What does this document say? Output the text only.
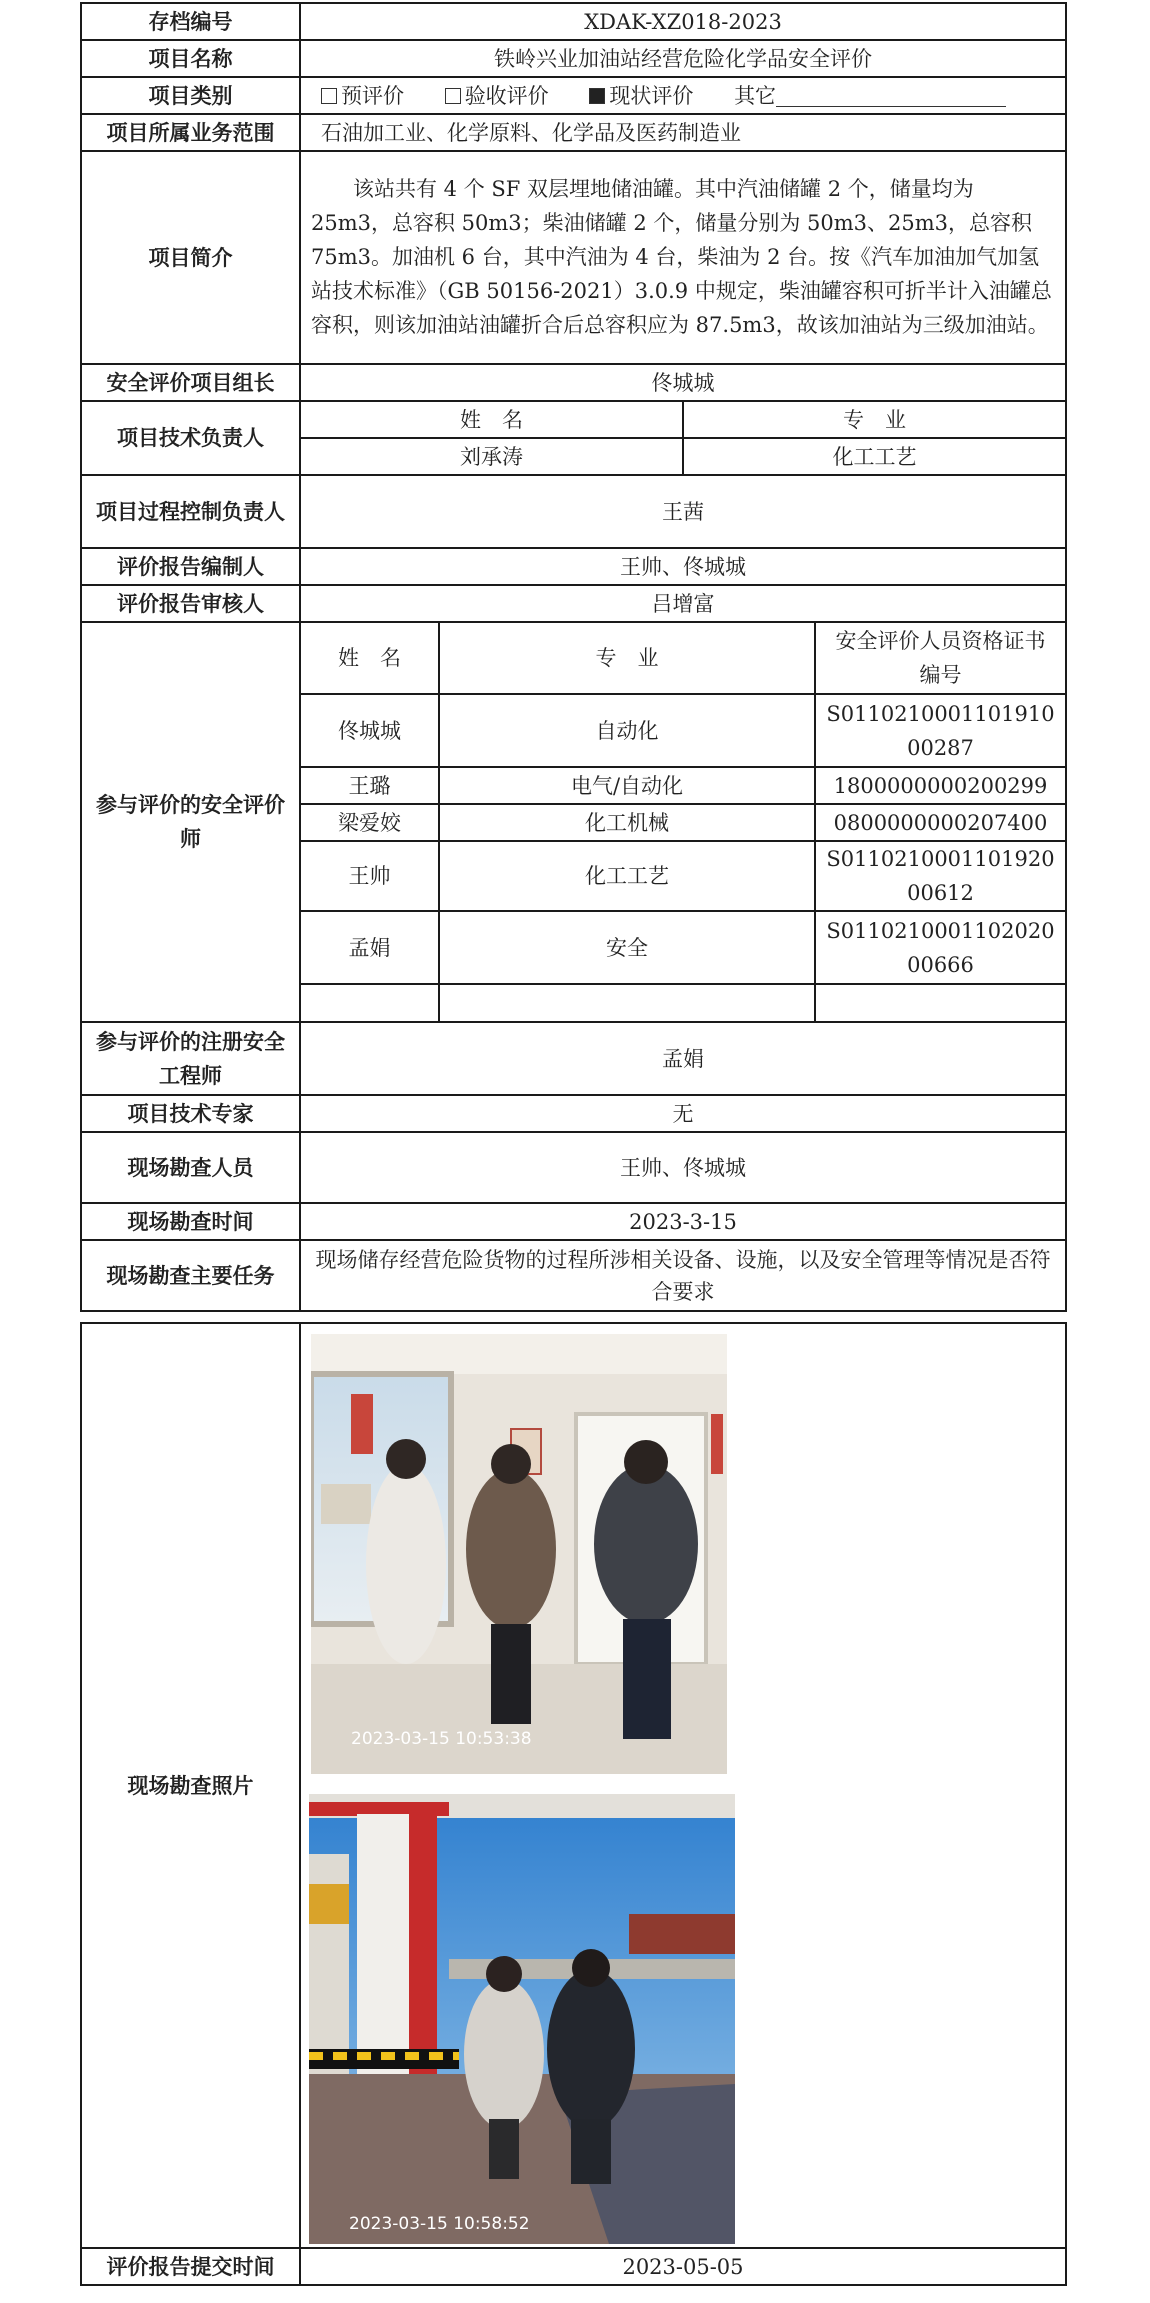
存档编号	XDAK-XZ018-2023
项目名称	铁岭兴业加油站经营危险化学品安全评价
项目类别	预评价	验收评价	现状评价 其它
项目所属业务范围	石油加工业、化学原料、化学品及医药制造业
项目简介	该站共有 4 个 SF 双层埋地储油罐。其中汽油储罐 2 个，储量均为 25m3，总容积 50m3；柴油储罐 2 个，储量分别为 50m3、25m3，总容积 75m3。加油机 6 台，其中汽油为 4 台，柴油为 2 台。按《汽车加油加气加氢站技术标准》（GB 50156-2021）3.0.9 中规定，柴油罐容积可折半计入油罐总容积，则该加油站油罐折合后总容积应为 87.5m3，故该加油站为三级加油站。
安全评价项目组长	佟城城
项目技术负责人	姓　名	专　业
刘承涛	化工工艺
项目过程控制负责人	王茜
评价报告编制人	王帅、佟城城
评价报告审核人	吕增富
参与评价的安全评价师	
姓　名	专　业	安全评价人员资格证书编号
佟城城	自动化	S011021000110191000287
王璐	电气/自动化	1800000000200299
梁爱姣	化工机械	0800000000207400
王帅	化工工艺	S011021000110192000612
孟娟	安全	S011021000110202000666

参与评价的注册安全工程师	孟娟
项目技术专家	无
现场勘查人员	王帅、佟城城
现场勘查时间	2023-3-15
现场勘查主要任务	现场储存经营危险货物的过程所涉相关设备、设施，以及安全管理等情况是否符合要求
现场勘查照片	2023-03-15 10:53:38
2023-03-15 10:58:52

评价报告提交时间	2023-05-05
